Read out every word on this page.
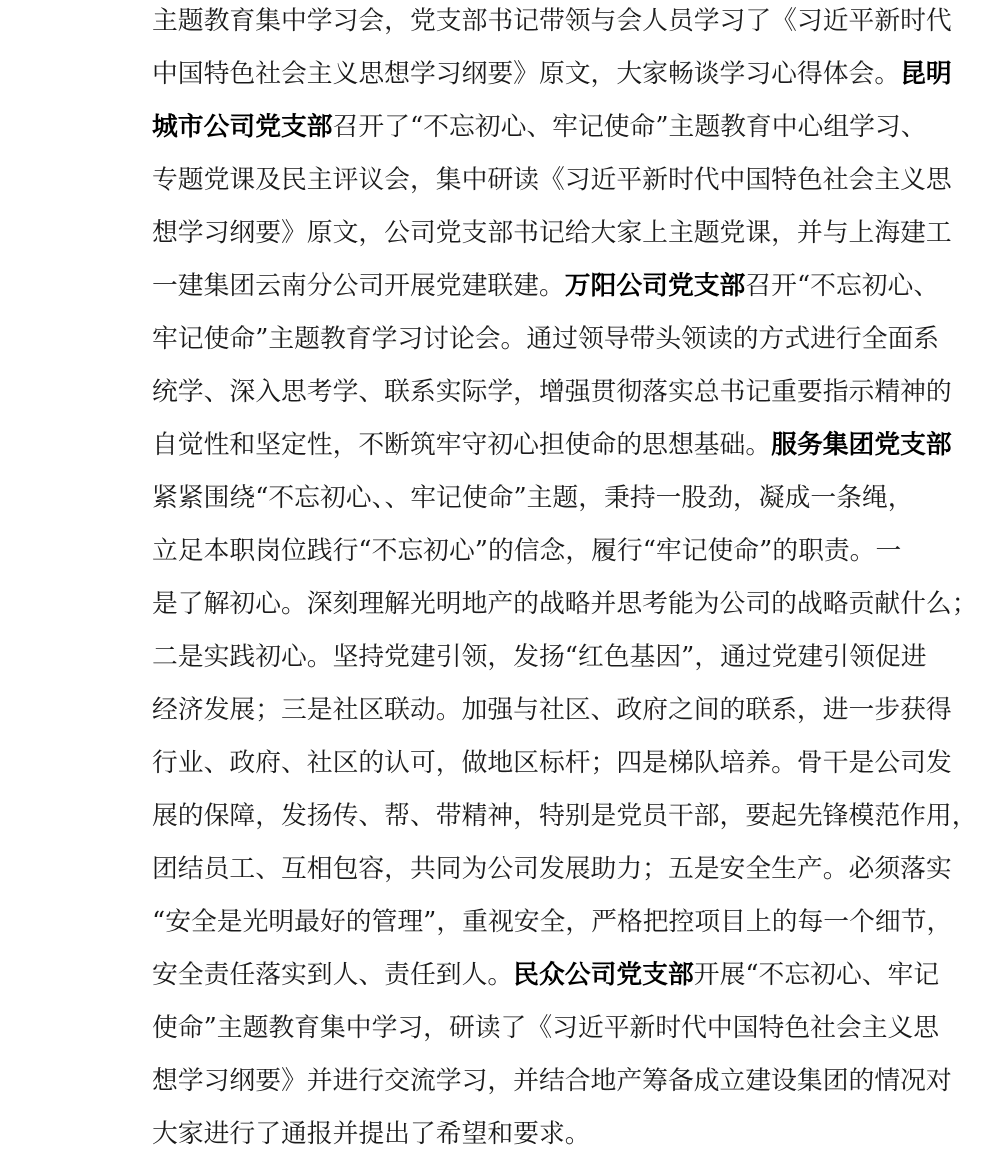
主题教育集中学习会，党支部书记带领与会人员学习了《习近平新时代
中国特色社会主义思想学习纲要》原文，大家畅谈学习心得体会。昆明
城市公司党支部召开了“不忘初心、牢记使命”主题教育中心组学习、
专题党课及民主评议会，集中研读《习近平新时代中国特色社会主义思
想学习纲要》原文，公司党支部书记给大家上主题党课，并与上海建工
一建集团云南分公司开展党建联建。万阳公司党支部召开“不忘初心、
牢记使命”主题教育学习讨论会。通过领导带头领读的方式进行全面系
统学、深入思考学、联系实际学，增强贯彻落实总书记重要指示精神的
自觉性和坚定性，不断筑牢守初心担使命的思想基础。服务集团党支部
紧紧围绕“不忘初心、、牢记使命”主题，秉持一股劲，凝成一条绳，
立足本职岗位践行“不忘初心”的信念，履行“牢记使命”的职责。一
是了解初心。深刻理解光明地产的战略并思考能为公司的战略贡献什么；
二是实践初心。坚持党建引领，发扬“红色基因”，通过党建引领促进
经济发展；三是社区联动。加强与社区、政府之间的联系，进一步获得
行业、政府、社区的认可，做地区标杆；四是梯队培养。骨干是公司发
展的保障，发扬传、帮、带精神，特别是党员干部，要起先锋模范作用，
团结员工、互相包容，共同为公司发展助力；五是安全生产。必须落实
“安全是光明最好的管理”，重视安全，严格把控项目上的每一个细节，
安全责任落实到人、责任到人。民众公司党支部开展“不忘初心、牢记
使命”主题教育集中学习，研读了《习近平新时代中国特色社会主义思
想学习纲要》并进行交流学习，并结合地产筹备成立建设集团的情况对
大家进行了通报并提出了希望和要求。
